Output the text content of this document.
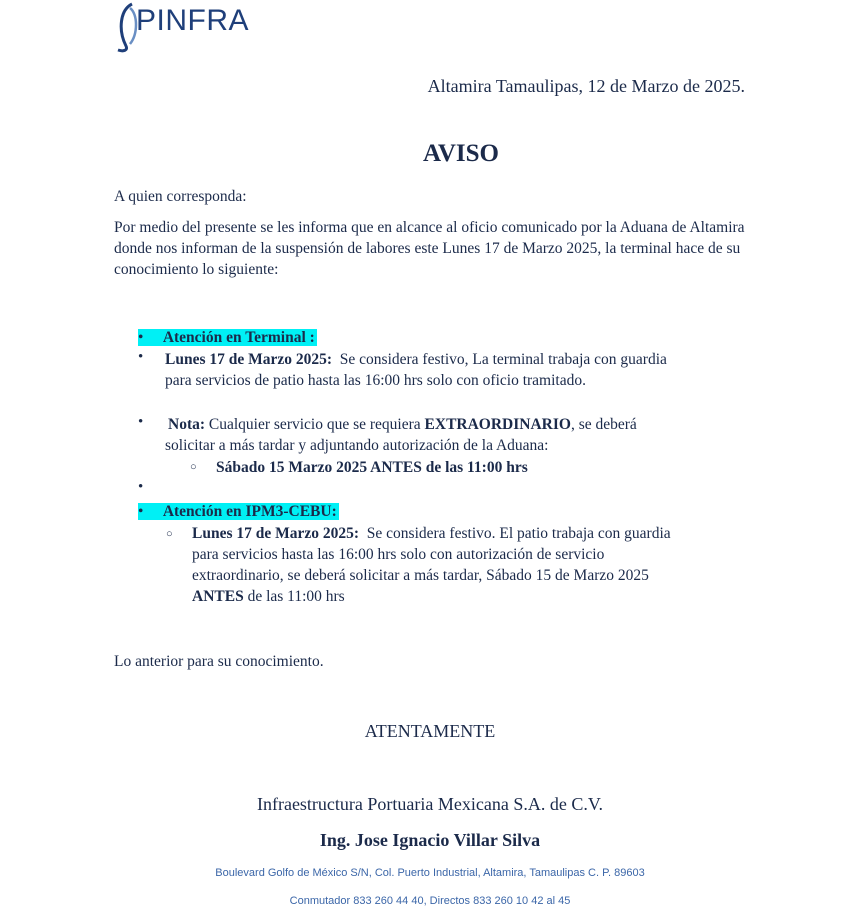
PINFRA
Altamira Tamaulipas, 12 de Marzo de 2025.
AVISO
A quien corresponda:
Por medio del presente se les informa que en alcance al oficio comunicado por la Aduana de Altamira donde nos informan de la suspensión de labores este Lunes 17 de Marzo 2025, la terminal hace de su conocimiento lo siguiente:
•     Atención en Terminal :
• Lunes 17 de Marzo 2025: Se considera festivo, La terminal trabaja con guardia
para servicios de patio hasta las 16:00 hrs solo con oficio tramitado.
• Nota: Cualquier servicio que se requiera EXTRAORDINARIO, se deberá

solicitar a más tardar y adjuntando autorización de la Aduana:
○ Sábado 15 Marzo 2025 ANTES de las 11:00 hrs
•
•     Atención en IPM3-CEBU:
○ Lunes 17 de Marzo 2025: Se considera festivo. El patio trabaja con guardia
para servicios hasta las 16:00 hrs solo con autorización de servicio
extraordinario, se deberá solicitar a más tardar, Sábado 15 de Marzo 2025
ANTES de las 11:00 hrs
Lo anterior para su conocimiento.
ATENTAMENTE
Infraestructura Portuaria Mexicana S.A. de C.V.
Ing. Jose Ignacio Villar Silva
Boulevard Golfo de México S/N, Col. Puerto Industrial, Altamira, Tamaulipas C. P. 89603
Conmutador 833 260 44 40, Directos 833 260 10 42 al 45
